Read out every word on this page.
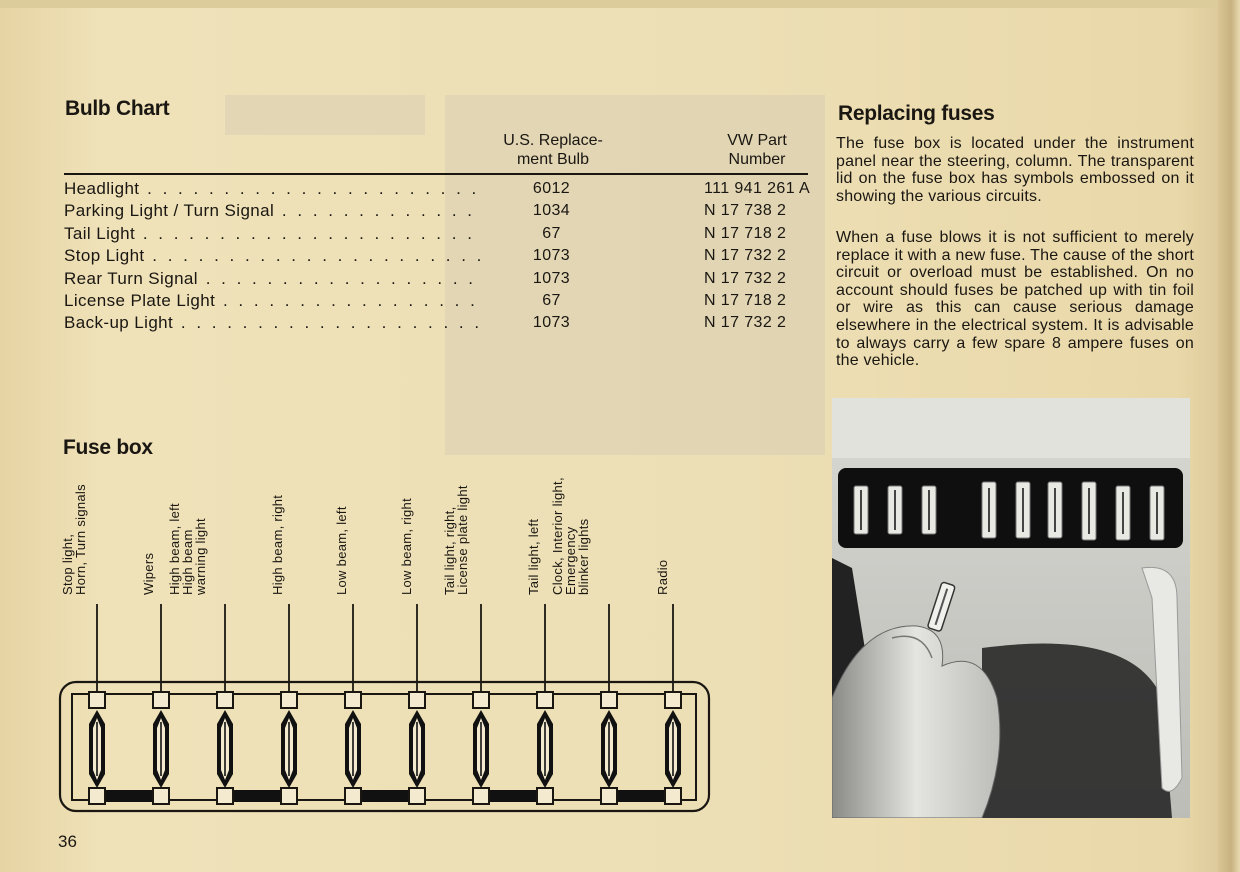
Bulb Chart
U.S. Replace-
ment Bulb
VW Part
Number
Headlight . . .	6012	111 941 261 A
Parking Light / Turn Signal . . .	1034	N 17 738 2
Tail Light . . .	67	N 17 718 2
Stop Light . . .	1073	N 17 732 2
Rear Turn Signal . . .	1073	N 17 732 2
License Plate Light . . .	67	N 17 718 2
Back-up Light . . .	1073	N 17 732 2
Fuse box
Stop light,
Horn, Turn signals	Wipers High beam, left
High beam
warning light	High beam, right	Low beam, left	Low beam, right Tail light, right,
License plate light	Tail light, left Clock, Interior light,
Emergency
blinker lights	Radio
Replacing fuses

The fuse box is located under the instrument panel near the steering, column. The transparent lid on the fuse box has symbols embossed on it showing the various circuits.

When a fuse blows it is not sufficient to merely replace it with a new fuse. The cause of the short circuit or overload must be established. On no account should fuses be patched up with tin foil or wire as this can cause serious damage elsewhere in the electrical system. It is advisable to always carry a few spare 8 ampere fuses on the vehicle.

36
